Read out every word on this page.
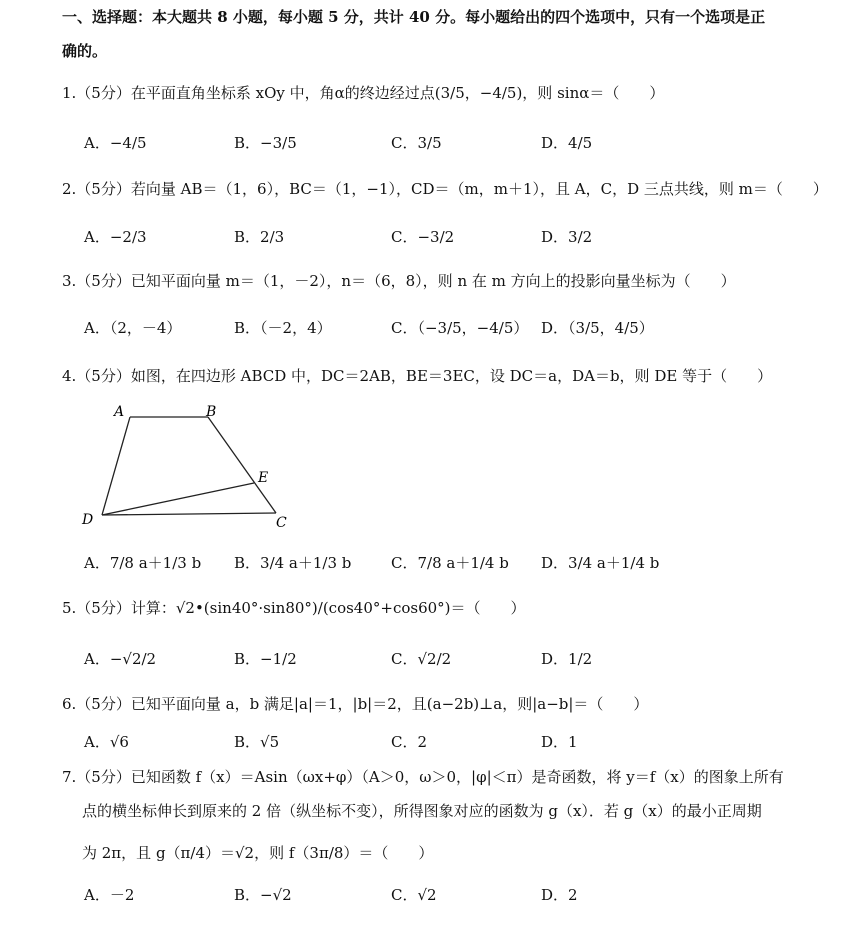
一、选择题：本大题共 8 小题，每小题 5 分，共计 40 分。每小题给出的四个选项中，只有一个选项是正
确的。
1.（5分）在平面直角坐标系 xOy 中，角α的终边经过点(3/5，−4/5)，则 sinα＝（　　）
A．−4/5	B．−3/5	C．3/5	D．4/5
2.（5分）若向量 AB＝（1，6），BC＝（1，−1），CD＝（m，m＋1），且 A，C，D 三点共线，则 m＝（　　）
A．−2/3	B．2/3	C．−3/2	D．3/2
3.（5分）已知平面向量 m＝（1，－2），n＝（6，8），则 n 在 m 方向上的投影向量坐标为（　　）
A．（2，－4）	B．（－2，4）	C．（−3/5，−4/5） D．（3/5，4/5）
4.（5分）如图，在四边形 ABCD 中，DC＝2AB，BE＝3EC，设 DC＝a，DA＝b，则 DE 等于（　　）
A	B
C
D
E
A．7/8 a＋1/3 b B．3/4 a＋1/3 b	C．7/8 a＋1/4 b D．3/4 a＋1/4 b
5.（5分）计算：√2•(sin40°·sin80°)/(cos40°+cos60°)＝（　　）
A．−√2/2	B．−1/2	C．√2/2	D．1/2
6.（5分）已知平面向量 a，b 满足|a|＝1，|b|＝2，且(a−2b)⊥a，则|a−b|＝（　　）
A．√6	B．√5	C．2	D．1
7.（5分）已知函数 f（x）＝Asin（ωx+φ）（A＞0，ω＞0，|φ|＜π）是奇函数，将 y＝f（x）的图象上所有
点的横坐标伸长到原来的 2 倍（纵坐标不变），所得图象对应的函数为 g（x）．若 g（x）的最小正周期
为 2π，且 g（π/4）＝√2，则 f（3π/8）＝（　　）
A．－2	B．−√2	C．√2	D．2
